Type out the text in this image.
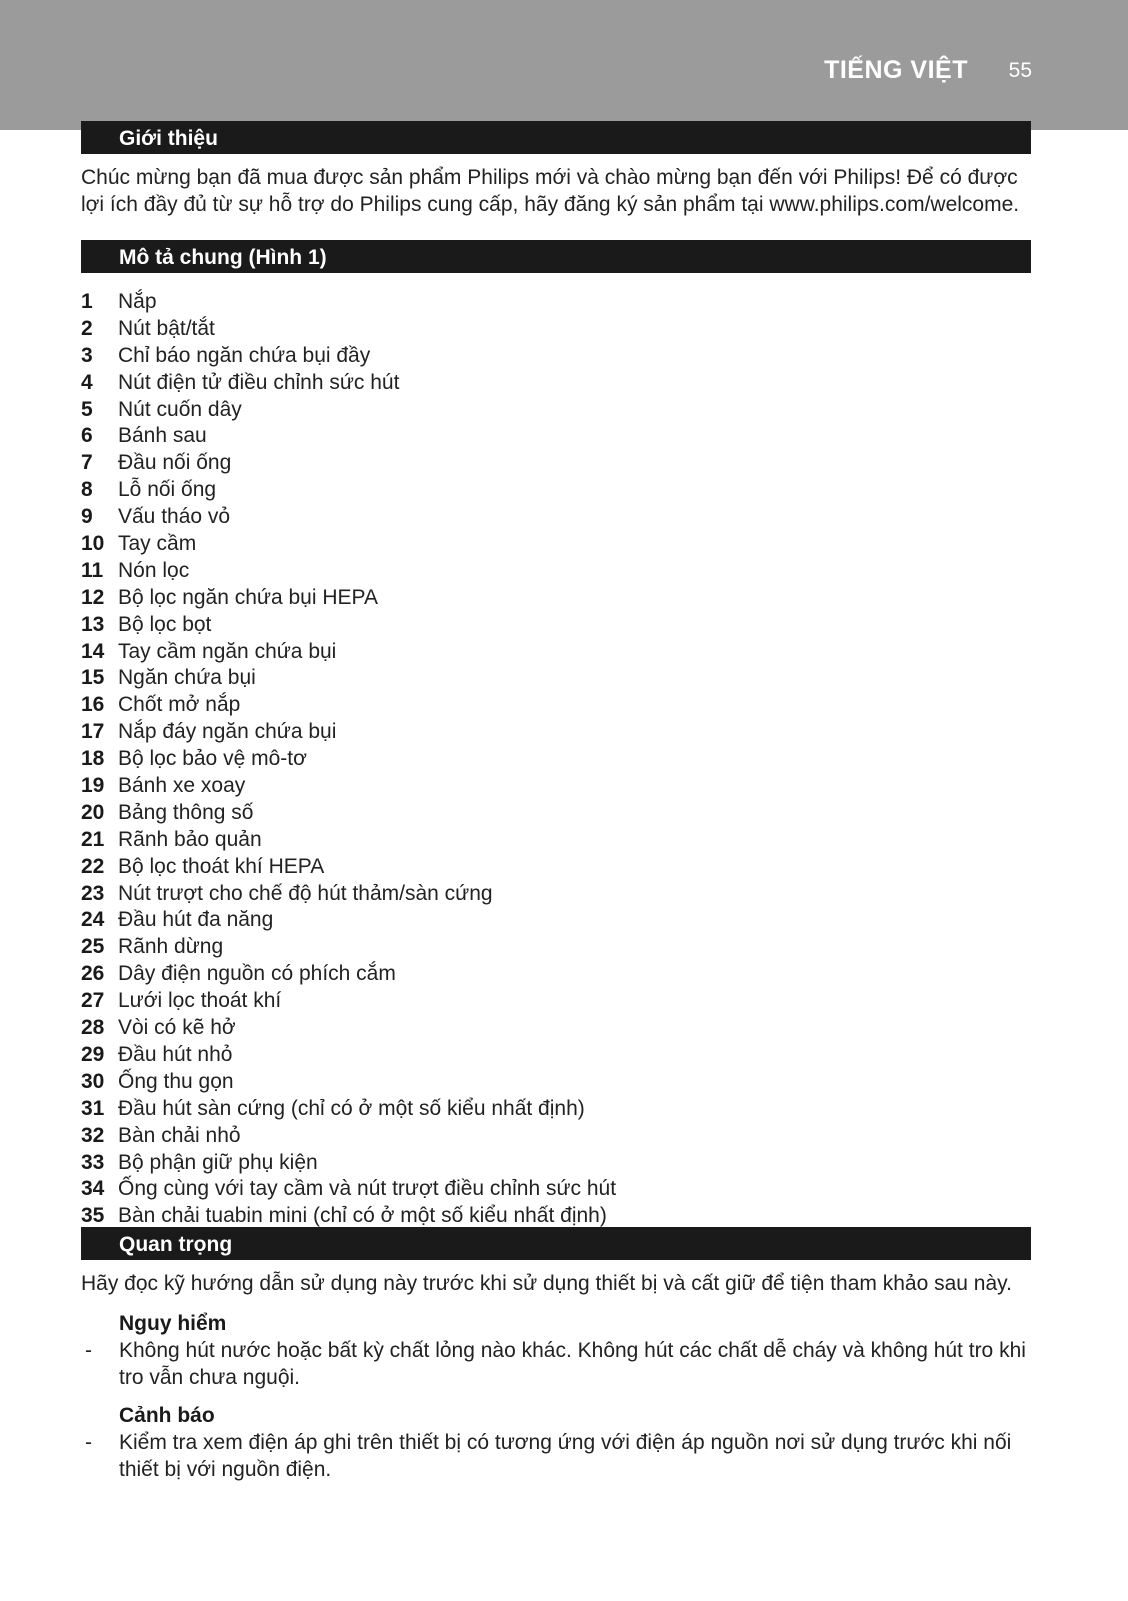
TIẾNG VIỆT 55
Giới thiệu
Chúc mừng bạn đã mua được sản phẩm Philips mới và chào mừng bạn đến với Philips! Để có được lợi ích đầy đủ từ sự hỗ trợ do Philips cung cấp, hãy đăng ký sản phẩm tại www.philips.com/welcome.
Mô tả chung (Hình 1)
1 Nắp
2 Nút bật/tắt
3 Chỉ báo ngăn chứa bụi đầy
4 Nút điện tử điều chỉnh sức hút
5 Nút cuốn dây
6 Bánh sau
7 Đầu nối ống
8 Lỗ nối ống
9 Vấu tháo vỏ
10 Tay cầm
11 Nón lọc
12 Bộ lọc ngăn chứa bụi HEPA
13 Bộ lọc bọt
14 Tay cầm ngăn chứa bụi
15 Ngăn chứa bụi
16 Chốt mở nắp
17 Nắp đáy ngăn chứa bụi
18 Bộ lọc bảo vệ mô-tơ
19 Bánh xe xoay
20 Bảng thông số
21 Rãnh bảo quản
22 Bộ lọc thoát khí HEPA
23 Nút trượt cho chế độ hút thảm/sàn cứng
24 Đầu hút đa năng
25 Rãnh dừng
26 Dây điện nguồn có phích cắm
27 Lưới lọc thoát khí
28 Vòi có kẽ hở
29 Đầu hút nhỏ
30 Ống thu gọn
31 Đầu hút sàn cứng (chỉ có ở một số kiểu nhất định)
32 Bàn chải nhỏ
33 Bộ phận giữ phụ kiện
34 Ống cùng với tay cầm và nút trượt điều chỉnh sức hút
35 Bàn chải tuabin mini (chỉ có ở một số kiểu nhất định)
Quan trọng
Hãy đọc kỹ hướng dẫn sử dụng này trước khi sử dụng thiết bị và cất giữ để tiện tham khảo sau này.
Nguy hiểm
- Không hút nước hoặc bất kỳ chất lỏng nào khác. Không hút các chất dễ cháy và không hút tro khi tro vẫn chưa nguội.
Cảnh báo
- Kiểm tra xem điện áp ghi trên thiết bị có tương ứng với điện áp nguồn nơi sử dụng trước khi nối thiết bị với nguồn điện.
